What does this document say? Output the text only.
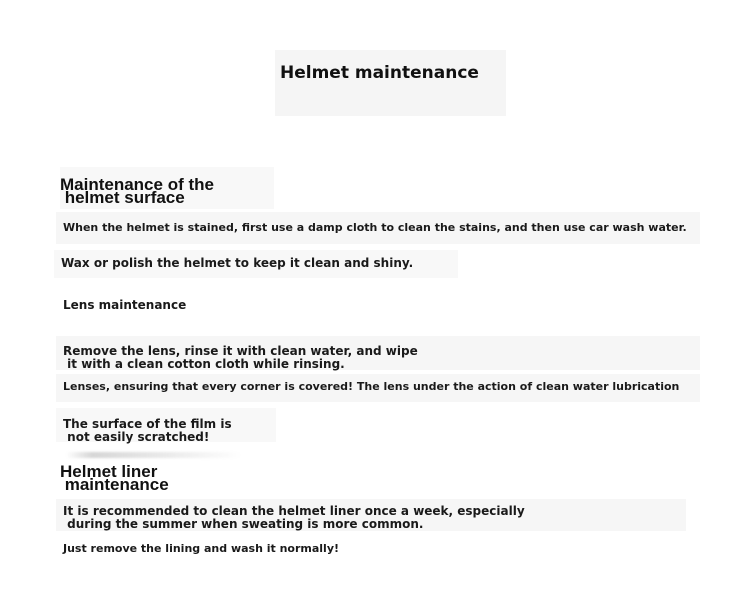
Helmet maintenance
Maintenance of the
helmet surface
When the helmet is stained, first use a damp cloth to clean the stains, and then use car wash water.
Wax or polish the helmet to keep it clean and shiny.
Lens maintenance
Remove the lens, rinse it with clean water, and wipe
it with a clean cotton cloth while rinsing.
Lenses, ensuring that every corner is covered! The lens under the action of clean water lubrication
The surface of the film is
not easily scratched!
Helmet liner
maintenance
It is recommended to clean the helmet liner once a week, especially
during the summer when sweating is more common.
Just remove the lining and wash it normally!
